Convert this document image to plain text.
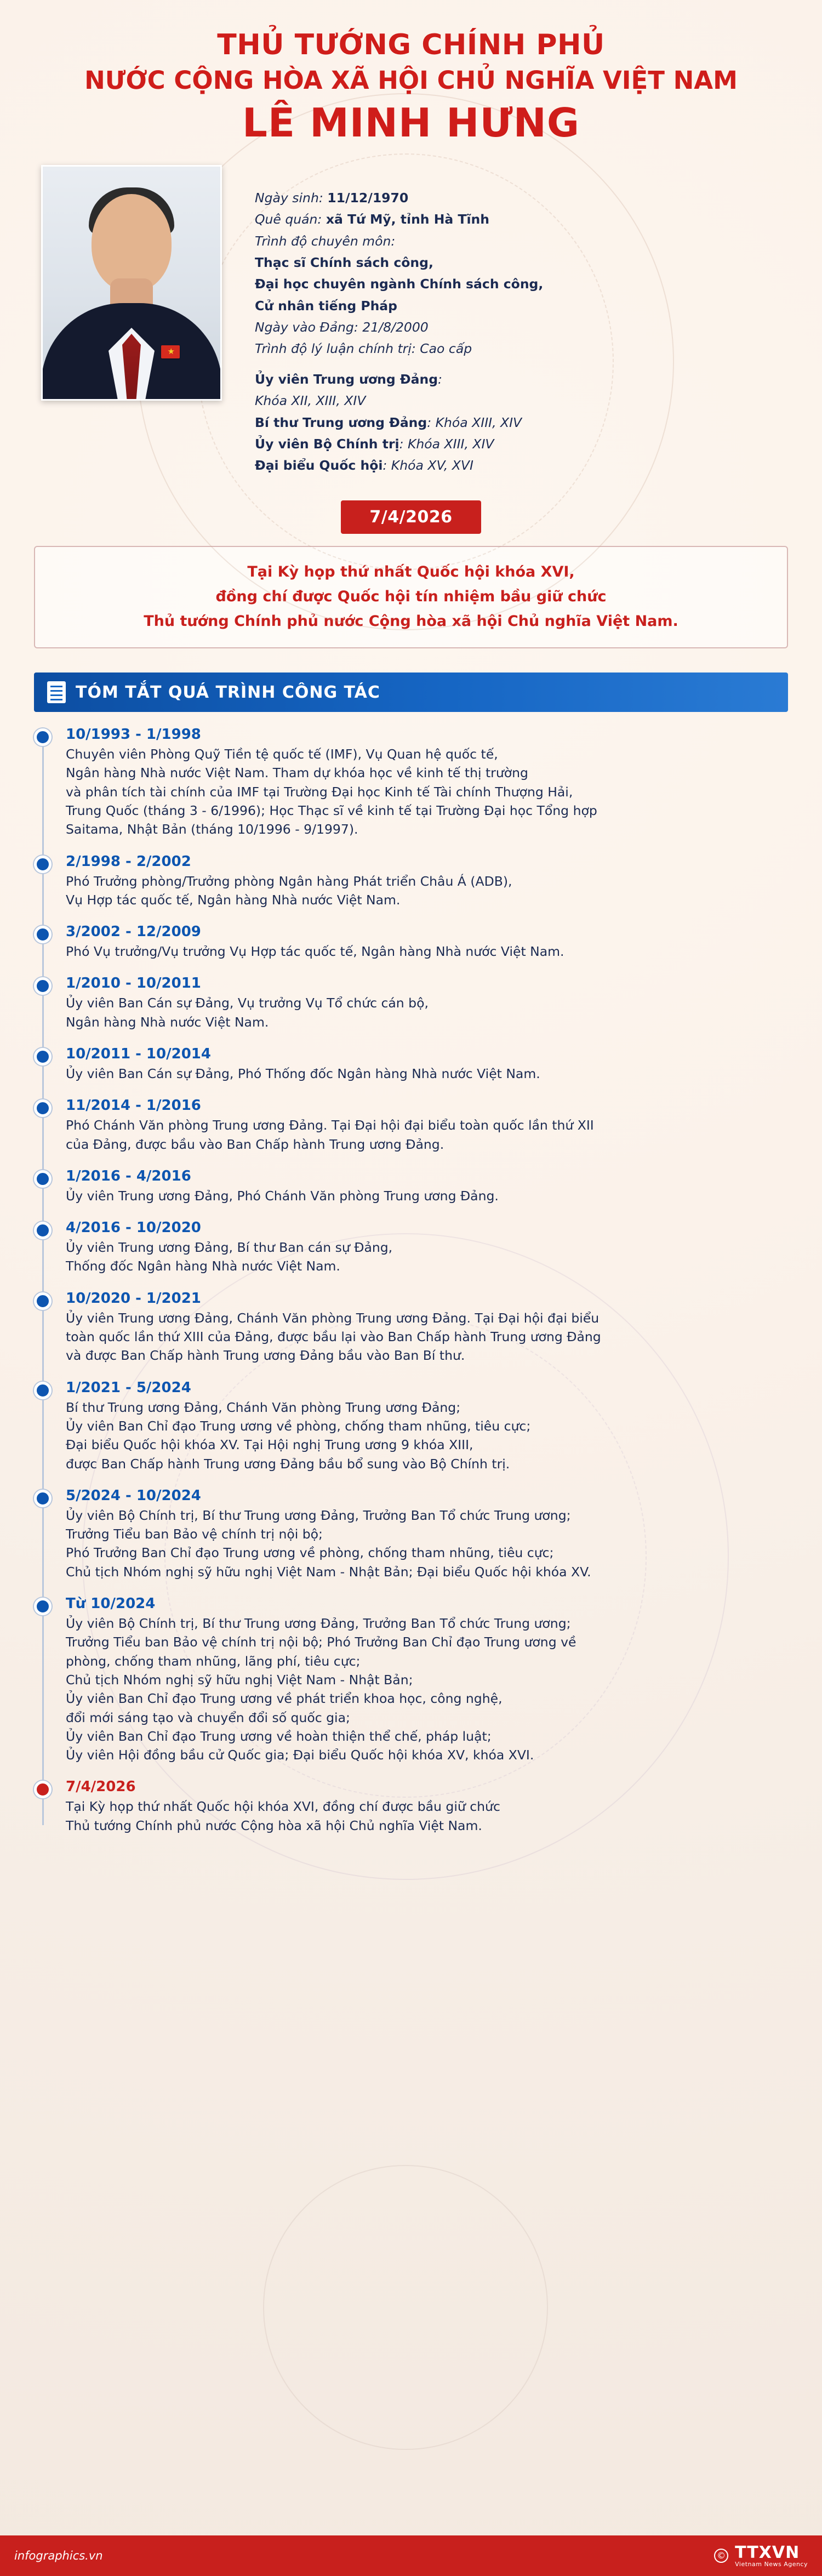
THỦ TƯỚNG CHÍNH PHỦ
NƯỚC CỘNG HÒA XÃ HỘI CHỦ NGHĨA VIỆT NAM
LÊ MINH HƯNG
★

Ngày sinh: 11/12/1970

Quê quán: xã Tứ Mỹ, tỉnh Hà Tĩnh

Trình độ chuyên môn:

Thạc sĩ Chính sách công,

Đại học chuyên ngành Chính sách công,

Cử nhân tiếng Pháp

Ngày vào Đảng: 21/8/2000

Trình độ lý luận chính trị: Cao cấp

Ủy viên Trung ương Đảng:

Khóa XII, XIII, XIV

Bí thư Trung ương Đảng: Khóa XIII, XIV

Ủy viên Bộ Chính trị: Khóa XIII, XIV

Đại biểu Quốc hội: Khóa XV, XVI

7/4/2026

Tại Kỳ họp thứ nhất Quốc hội khóa XVI,

đồng chí được Quốc hội tín nhiệm bầu giữ chức

Thủ tướng Chính phủ nước Cộng hòa xã hội Chủ nghĩa Việt Nam.

TÓM TẮT QUÁ TRÌNH CÔNG TÁC
10/1993 - 1/1998
Chuyên viên Phòng Quỹ Tiền tệ quốc tế (IMF), Vụ Quan hệ quốc tế,
Ngân hàng Nhà nước Việt Nam. Tham dự khóa học về kinh tế thị trường
và phân tích tài chính của IMF tại Trường Đại học Kinh tế Tài chính Thượng Hải,
Trung Quốc (tháng 3 - 6/1996); Học Thạc sĩ về kinh tế tại Trường Đại học Tổng hợp
Saitama, Nhật Bản (tháng 10/1996 - 9/1997).
2/1998 - 2/2002
Phó Trưởng phòng/Trưởng phòng Ngân hàng Phát triển Châu Á (ADB),
Vụ Hợp tác quốc tế, Ngân hàng Nhà nước Việt Nam.
3/2002 - 12/2009
Phó Vụ trưởng/Vụ trưởng Vụ Hợp tác quốc tế, Ngân hàng Nhà nước Việt Nam.
1/2010 - 10/2011
Ủy viên Ban Cán sự Đảng, Vụ trưởng Vụ Tổ chức cán bộ,
Ngân hàng Nhà nước Việt Nam.
10/2011 - 10/2014
Ủy viên Ban Cán sự Đảng, Phó Thống đốc Ngân hàng Nhà nước Việt Nam.
11/2014 - 1/2016
Phó Chánh Văn phòng Trung ương Đảng. Tại Đại hội đại biểu toàn quốc lần thứ XII
của Đảng, được bầu vào Ban Chấp hành Trung ương Đảng.
1/2016 - 4/2016
Ủy viên Trung ương Đảng, Phó Chánh Văn phòng Trung ương Đảng.
4/2016 - 10/2020
Ủy viên Trung ương Đảng, Bí thư Ban cán sự Đảng,
Thống đốc Ngân hàng Nhà nước Việt Nam.
10/2020 - 1/2021
Ủy viên Trung ương Đảng, Chánh Văn phòng Trung ương Đảng. Tại Đại hội đại biểu
toàn quốc lần thứ XIII của Đảng, được bầu lại vào Ban Chấp hành Trung ương Đảng
và được Ban Chấp hành Trung ương Đảng bầu vào Ban Bí thư.
1/2021 - 5/2024
Bí thư Trung ương Đảng, Chánh Văn phòng Trung ương Đảng;
Ủy viên Ban Chỉ đạo Trung ương về phòng, chống tham nhũng, tiêu cực;
Đại biểu Quốc hội khóa XV. Tại Hội nghị Trung ương 9 khóa XIII,
được Ban Chấp hành Trung ương Đảng bầu bổ sung vào Bộ Chính trị.
5/2024 - 10/2024
Ủy viên Bộ Chính trị, Bí thư Trung ương Đảng, Trưởng Ban Tổ chức Trung ương;
Trưởng Tiểu ban Bảo vệ chính trị nội bộ;
Phó Trưởng Ban Chỉ đạo Trung ương về phòng, chống tham nhũng, tiêu cực;
Chủ tịch Nhóm nghị sỹ hữu nghị Việt Nam - Nhật Bản; Đại biểu Quốc hội khóa XV.
Từ 10/2024
Ủy viên Bộ Chính trị, Bí thư Trung ương Đảng, Trưởng Ban Tổ chức Trung ương;
Trưởng Tiểu ban Bảo vệ chính trị nội bộ; Phó Trưởng Ban Chỉ đạo Trung ương về
phòng, chống tham nhũng, lãng phí, tiêu cực;
Chủ tịch Nhóm nghị sỹ hữu nghị Việt Nam - Nhật Bản;
Ủy viên Ban Chỉ đạo Trung ương về phát triển khoa học, công nghệ,
đổi mới sáng tạo và chuyển đổi số quốc gia;
Ủy viên Ban Chỉ đạo Trung ương về hoàn thiện thể chế, pháp luật;
Ủy viên Hội đồng bầu cử Quốc gia; Đại biểu Quốc hội khóa XV, khóa XVI.
7/4/2026
Tại Kỳ họp thứ nhất Quốc hội khóa XVI, đồng chí được bầu giữ chức
Thủ tướng Chính phủ nước Cộng hòa xã hội Chủ nghĩa Việt Nam.
infographics.vn	© TTXVN
Vietnam News Agency
